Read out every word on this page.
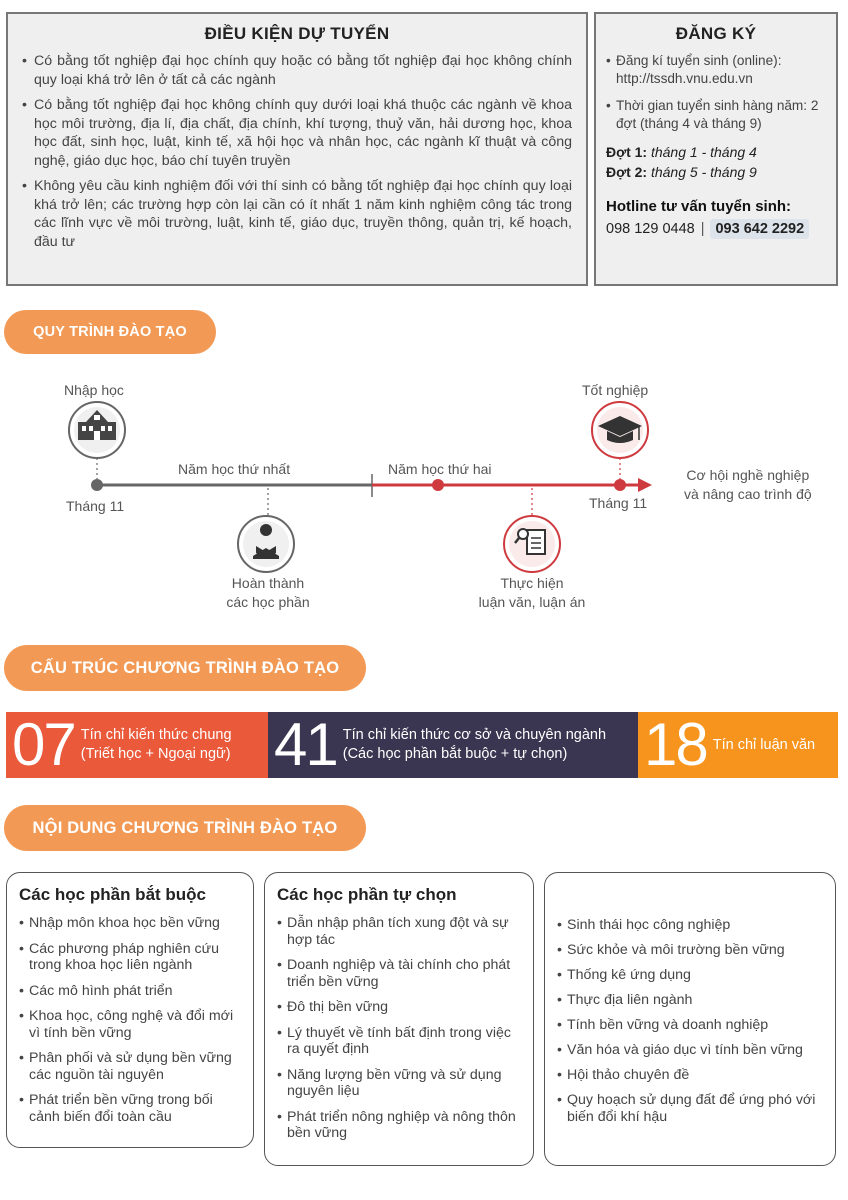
ĐIỀU KIỆN DỰ TUYỂN
• Có bằng tốt nghiệp đại học chính quy hoặc có bằng tốt nghiệp đại học không chính quy loại khá trở lên ở tất cả các ngành
• Có bằng tốt nghiệp đại học không chính quy dưới loại khá thuộc các ngành về khoa học môi trường, địa lí, địa chất, địa chính, khí tượng, thuỷ văn, hải dương học, khoa học đất, sinh học, luật, kinh tế, xã hội học và nhân học, các ngành kĩ thuật và công nghệ, giáo dục học, báo chí tuyên truyền
• Không yêu cầu kinh nghiệm đối với thí sinh có bằng tốt nghiệp đại học chính quy loại khá trở lên; các trường hợp còn lại cần có ít nhất 1 năm kinh nghiệm công tác trong các lĩnh vực về môi trường, luật, kinh tế, giáo dục, truyền thông, quản trị, kế hoạch, đầu tư
ĐĂNG KÝ
• Đăng kí tuyển sinh (online): http://tssdh.vnu.edu.vn
• Thời gian tuyển sinh hàng năm: 2 đợt (tháng 4 và tháng 9)
Đợt 1: tháng 1 - tháng 4
Đợt 2: tháng 5 - tháng 9
Hotline tư vấn tuyển sinh:
098 129 0448 | 093 642 2292
QUY TRÌNH ĐÀO TẠO
Nhập học
Tháng 11
Năm học thứ nhất	Năm học thứ hai
Tốt nghiệp
Tháng 11
Cơ hội nghề nghiệp
và nâng cao trình độ
Hoàn thành
các học phần
Thực hiện
luận văn, luận án
CẤU TRÚC CHƯƠNG TRÌNH ĐÀO TẠO
07 Tín chỉ kiến thức chung
(Triết học + Ngoại ngữ) 41 Tín chỉ kiến thức cơ sở và chuyên ngành
(Các học phần bắt buộc + tự chọn)	18 Tín chỉ luận văn
NỘI DUNG CHƯƠNG TRÌNH ĐÀO TẠO
Các học phần bắt buộc
• Nhập môn khoa học bền vững
• Các phương pháp nghiên cứu trong khoa học liên ngành
• Các mô hình phát triển
• Khoa học, công nghệ và đổi mới vì tính bền vững
• Phân phối và sử dụng bền vững các nguồn tài nguyên
• Phát triển bền vững trong bối cảnh biến đổi toàn cầu
Các học phần tự chọn
• Dẫn nhập phân tích xung đột và sự hợp tác
• Doanh nghiệp và tài chính cho phát triển bền vững
• Đô thị bền vững
• Lý thuyết về tính bất định trong việc ra quyết định
• Năng lượng bền vững và sử dụng nguyên liệu
• Phát triển nông nghiệp và nông thôn bền vững
• Sinh thái học công nghiệp
• Sức khỏe và môi trường bền vững
• Thống kê ứng dụng
• Thực địa liên ngành
• Tính bền vững và doanh nghiệp
• Văn hóa và giáo dục vì tính bền vững
• Hội thảo chuyên đề
• Quy hoạch sử dụng đất để ứng phó với biến đổi khí hậu
